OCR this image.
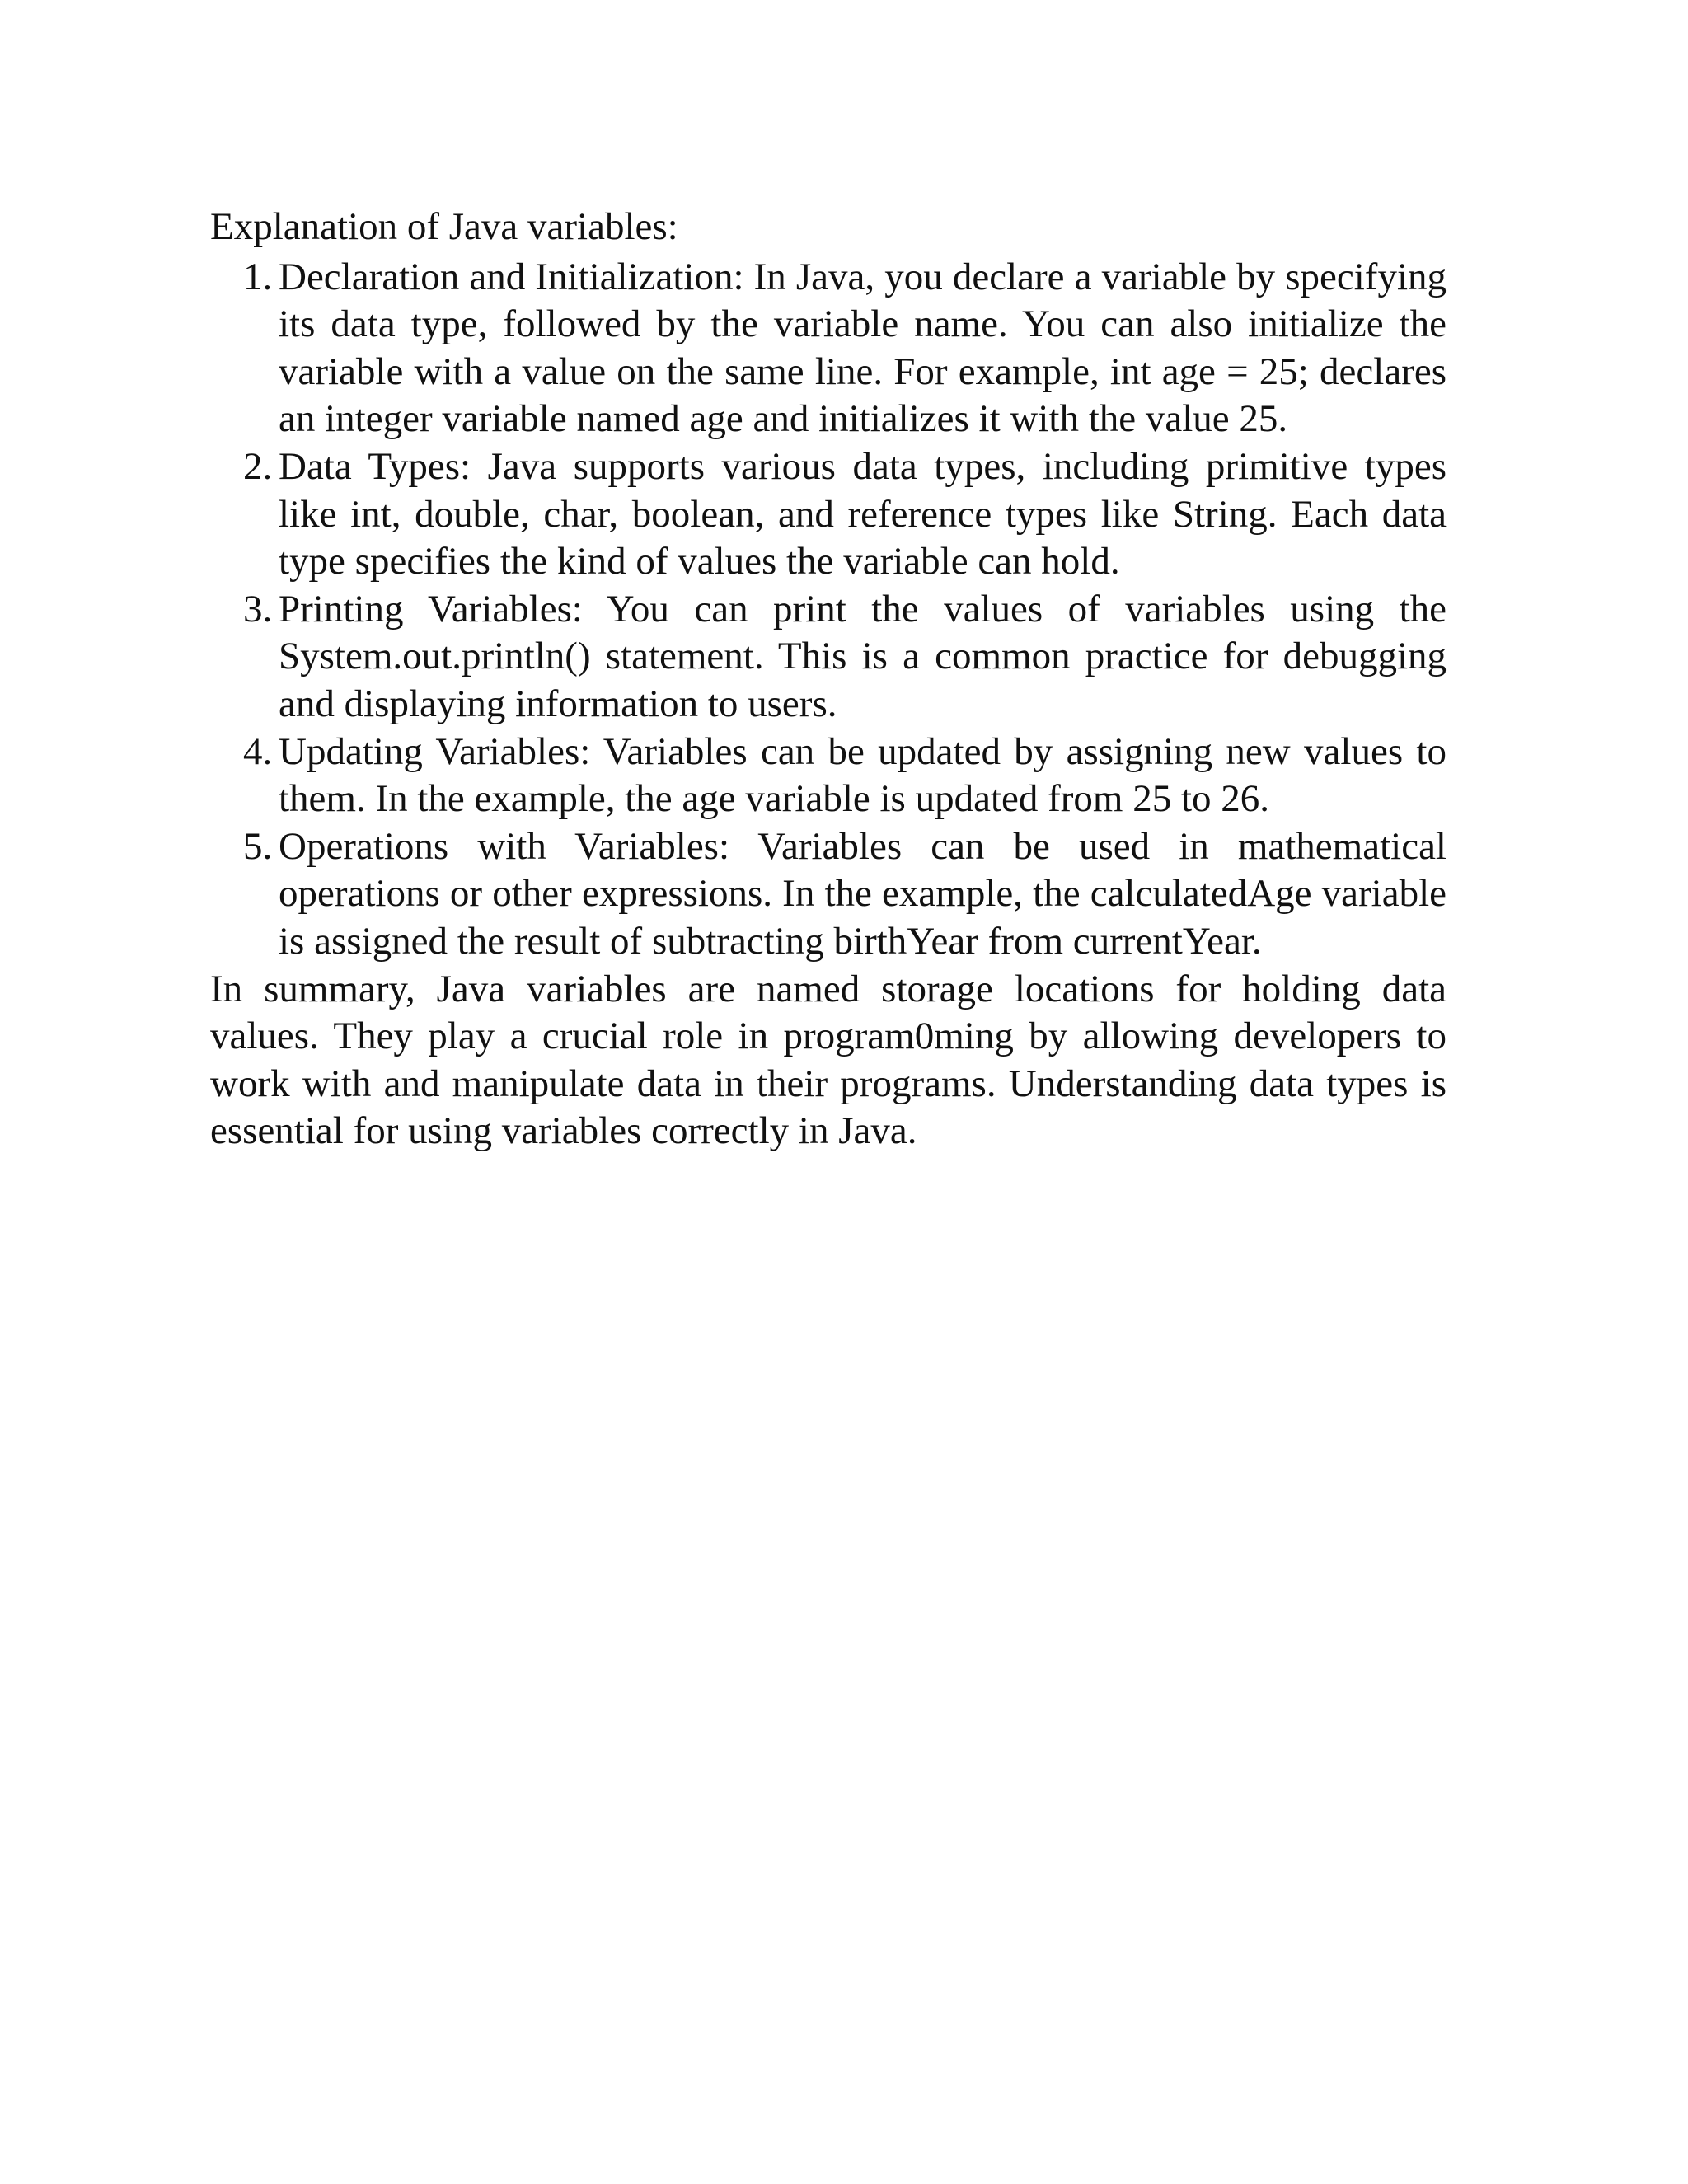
Explanation of Java variables:

1. Declaration and Initialization: In Java, you declare a variable by specifying its data type, followed by the variable name. You can also initialize the variable with a value on the same line. For example, int age = 25; declares an integer variable named age and initializes it with the value 25.
2. Data Types: Java supports various data types, including primitive types like int, double, char, boolean, and reference types like String. Each data type specifies the kind of values the variable can hold.
3. Printing Variables: You can print the values of variables using the System.out.println() statement. This is a common practice for debugging and displaying information to users.
4. Updating Variables: Variables can be updated by assigning new values to them. In the example, the age variable is updated from 25 to 26.
5. Operations with Variables: Variables can be used in mathematical operations or other expressions. In the example, the calculatedAge variable is assigned the result of subtracting birthYear from currentYear.

In summary, Java variables are named storage locations for holding data values. They play a crucial role in program0ming by allowing developers to work with and manipulate data in their programs. Understanding data types is essential for using variables correctly in Java.
